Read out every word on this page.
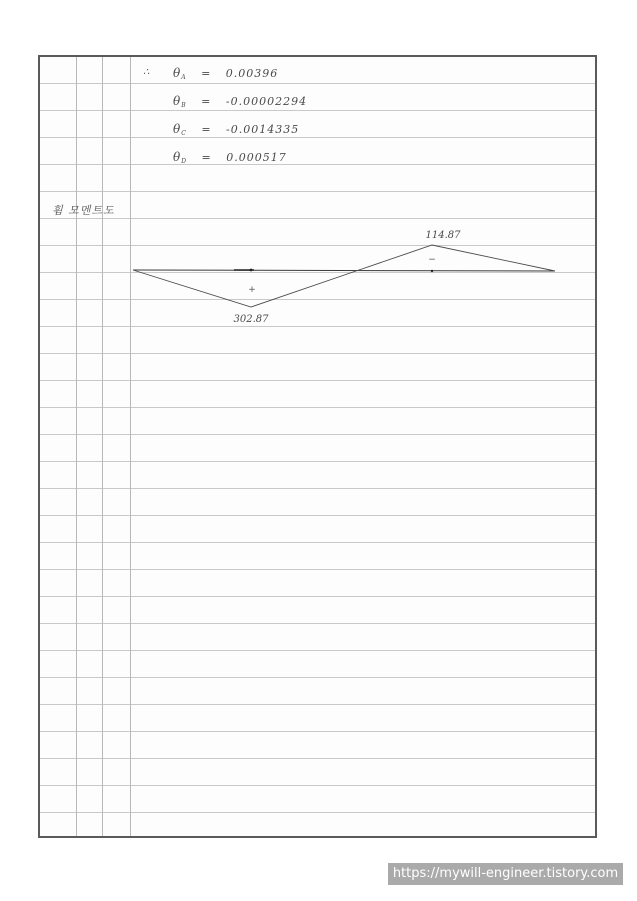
∴ $\theta_A = 0.00396$
$\theta_B = -0.00002294$
$\theta_C = -0.0014335$
$\theta_D = 0.000517$
휨 모멘트도
+
302.87
−
114.87
https://mywill-engineer.tistory.com
